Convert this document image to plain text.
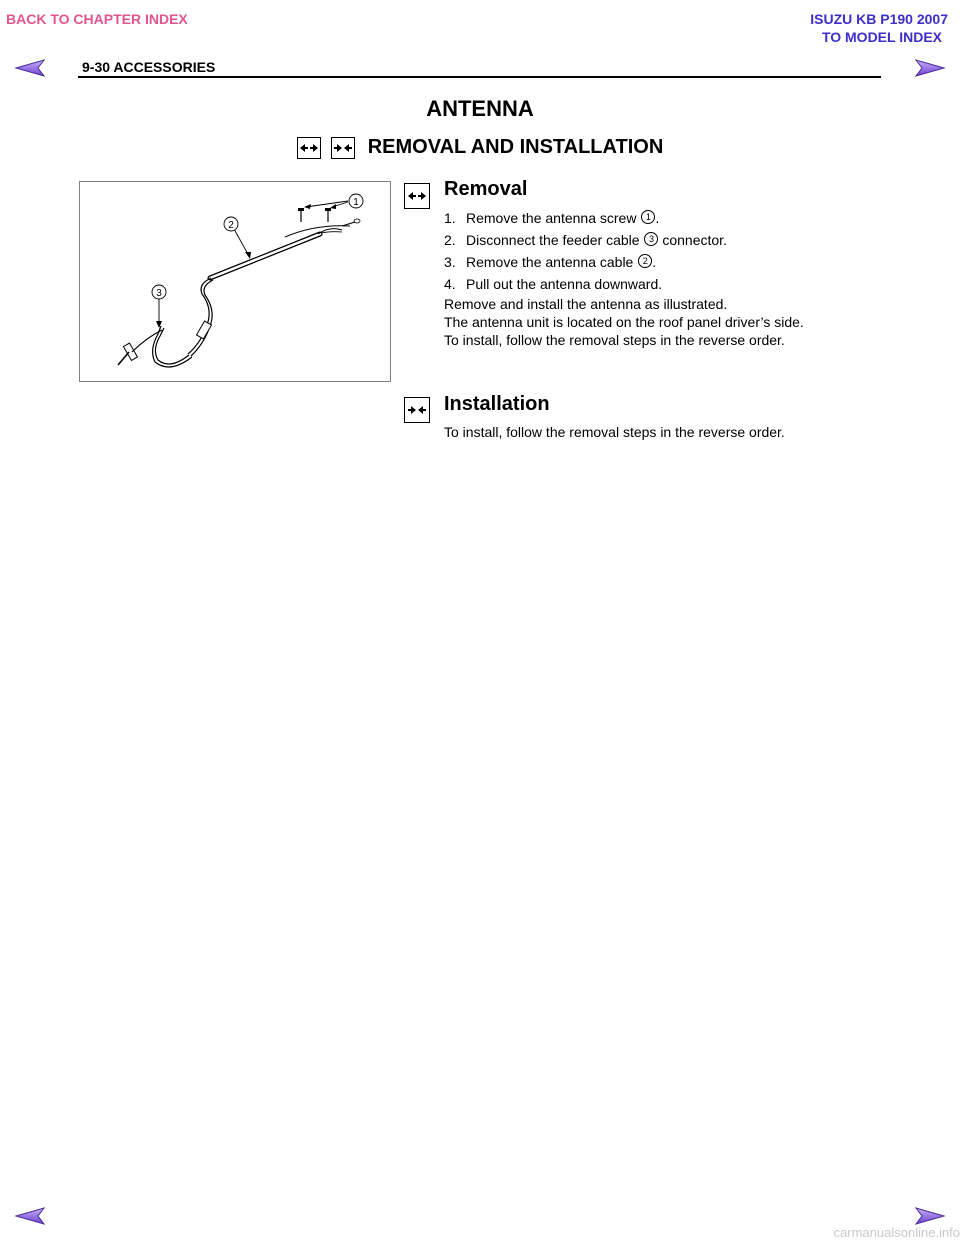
BACK TO CHAPTER INDEX	ISUZU KB P190 2007
TO MODEL INDEX
9-30 ACCESSORIES
ANTENNA
REMOVAL AND INSTALLATION
1
2
3
Removal
1. Remove the antenna screw 1 .
2. Disconnect the feeder cable 3 connector.
3. Remove the antenna cable 2 .
4. Pull out the antenna downward.
Remove and install the antenna as illustrated.
The antenna unit is located on the roof panel driver’s side.
To install, follow the removal steps in the reverse order.
Installation
To install, follow the removal steps in the reverse order.
carmanualsonline.info
